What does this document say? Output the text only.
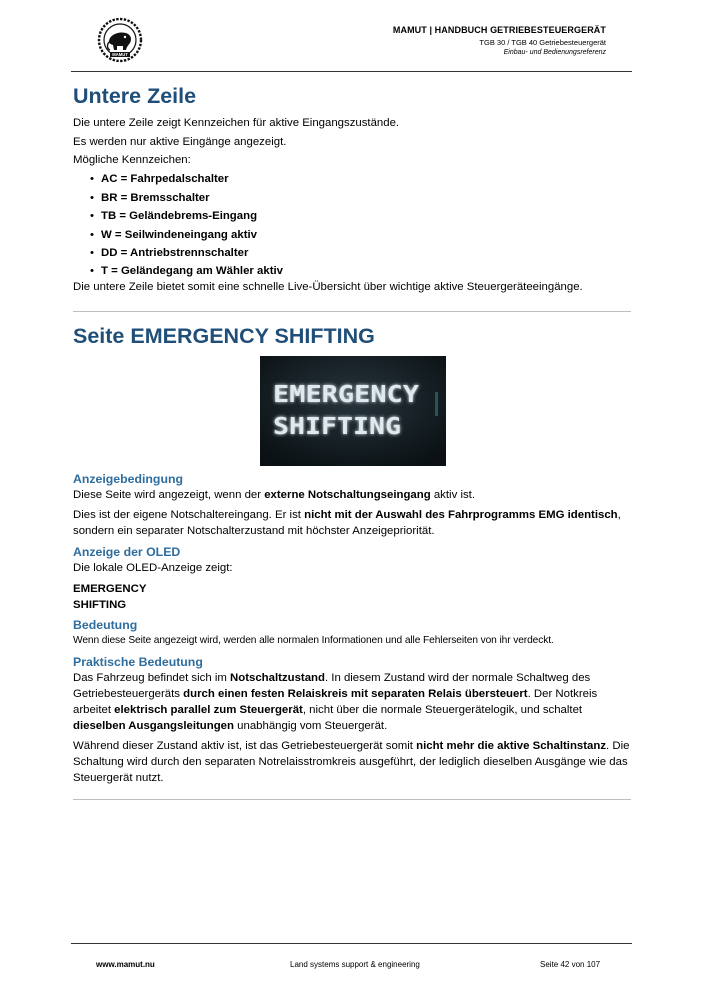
MAMUT
MAMUT | HANDBUCH GETRIEBESTEUERGERÄT
TGB 30 / TGB 40 Getriebesteuergerät
Einbau- und Bedienungsreferenz
Untere Zeile

Die untere Zeile zeigt Kennzeichen für aktive Eingangszustände.

Es werden nur aktive Eingänge angezeigt.

Mögliche Kennzeichen:

• AC = Fahrpedalschalter
• BR = Bremsschalter
• TB = Geländebrems-Eingang
• W = Seilwindeneingang aktiv
• DD = Antriebstrennschalter
• T = Geländegang am Wähler aktiv

Die untere Zeile bietet somit eine schnelle Live-Übersicht über wichtige aktive Steuergeräteeingänge.

Seite EMERGENCY SHIFTING
EMERGENCY
SHIFTING
Anzeigebedingung

Diese Seite wird angezeigt, wenn der externe Notschaltungseingang aktiv ist.

Dies ist der eigene Notschaltereingang. Er ist nicht mit der Auswahl des Fahrprogramms EMG identisch, sondern ein separater Notschalterzustand mit höchster Anzeigepriorität.

Anzeige der OLED

Die lokale OLED-Anzeige zeigt:

EMERGENCY
SHIFTING
Bedeutung

Wenn diese Seite angezeigt wird, werden alle normalen Informationen und alle Fehlerseiten von ihr verdeckt.

Praktische Bedeutung

Das Fahrzeug befindet sich im Notschaltzustand. In diesem Zustand wird der normale Schaltweg des Getriebesteuergeräts durch einen festen Relaiskreis mit separaten Relais übersteuert. Der Notkreis arbeitet elektrisch parallel zum Steuergerät, nicht über die normale Steuergerätelogik, und schaltet dieselben Ausgangsleitungen unabhängig vom Steuergerät.

Während dieser Zustand aktiv ist, ist das Getriebesteuergerät somit nicht mehr die aktive Schaltinstanz. Die Schaltung wird durch den separaten Notrelaisstromkreis ausgeführt, der lediglich dieselben Ausgänge wie das Steuergerät nutzt.

www.mamut.nu	Land systems support & engineering	Seite 42 von 107
